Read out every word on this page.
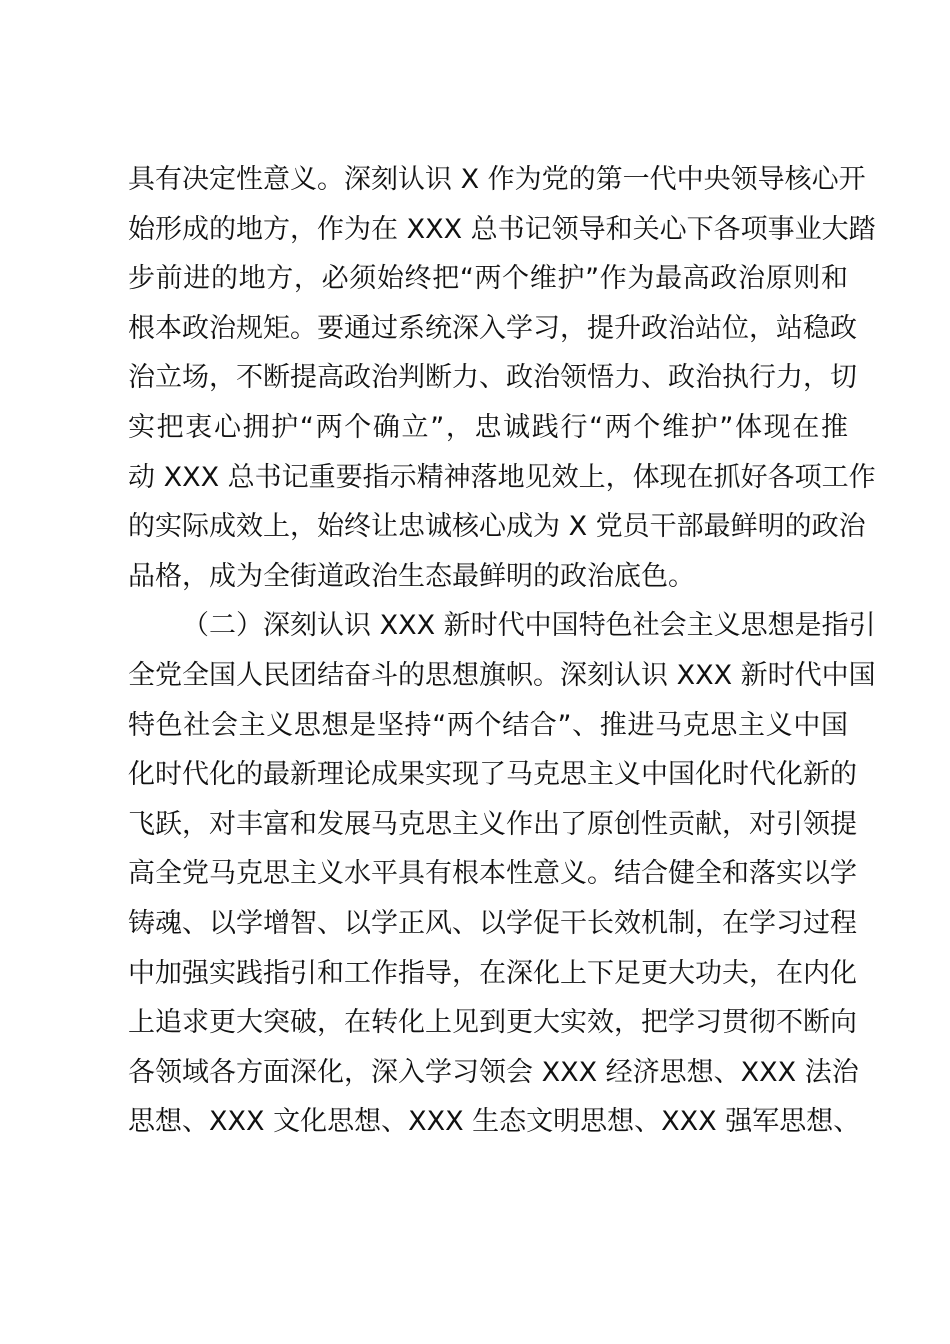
具有决定性意义。深刻认识 X 作为党的第一代中央领导核心开
始形成的地方，作为在 XXX 总书记领导和关心下各项事业大踏
步前进的地方，必须始终把“两个维护”作为最高政治原则和
根本政治规矩。要通过系统深入学习，提升政治站位，站稳政
治立场，不断提高政治判断力、政治领悟力、政治执行力，切
实把衷心拥护“两个确立”，忠诚践行“两个维护”体现在推
动 XXX 总书记重要指示精神落地见效上，体现在抓好各项工作
的实际成效上，始终让忠诚核心成为 X 党员干部最鲜明的政治
品格，成为全街道政治生态最鲜明的政治底色。
（二）深刻认识 XXX 新时代中国特色社会主义思想是指引
全党全国人民团结奋斗的思想旗帜。深刻认识 XXX 新时代中国
特色社会主义思想是坚持“两个结合”、推进马克思主义中国
化时代化的最新理论成果实现了马克思主义中国化时代化新的
飞跃，对丰富和发展马克思主义作出了原创性贡献，对引领提
高全党马克思主义水平具有根本性意义。结合健全和落实以学
铸魂、以学增智、以学正风、以学促干长效机制，在学习过程
中加强实践指引和工作指导，在深化上下足更大功夫，在内化
上追求更大突破，在转化上见到更大实效，把学习贯彻不断向
各领域各方面深化，深入学习领会 XXX 经济思想、XXX 法治
思想、XXX 文化思想、XXX 生态文明思想、XXX 强军思想、
